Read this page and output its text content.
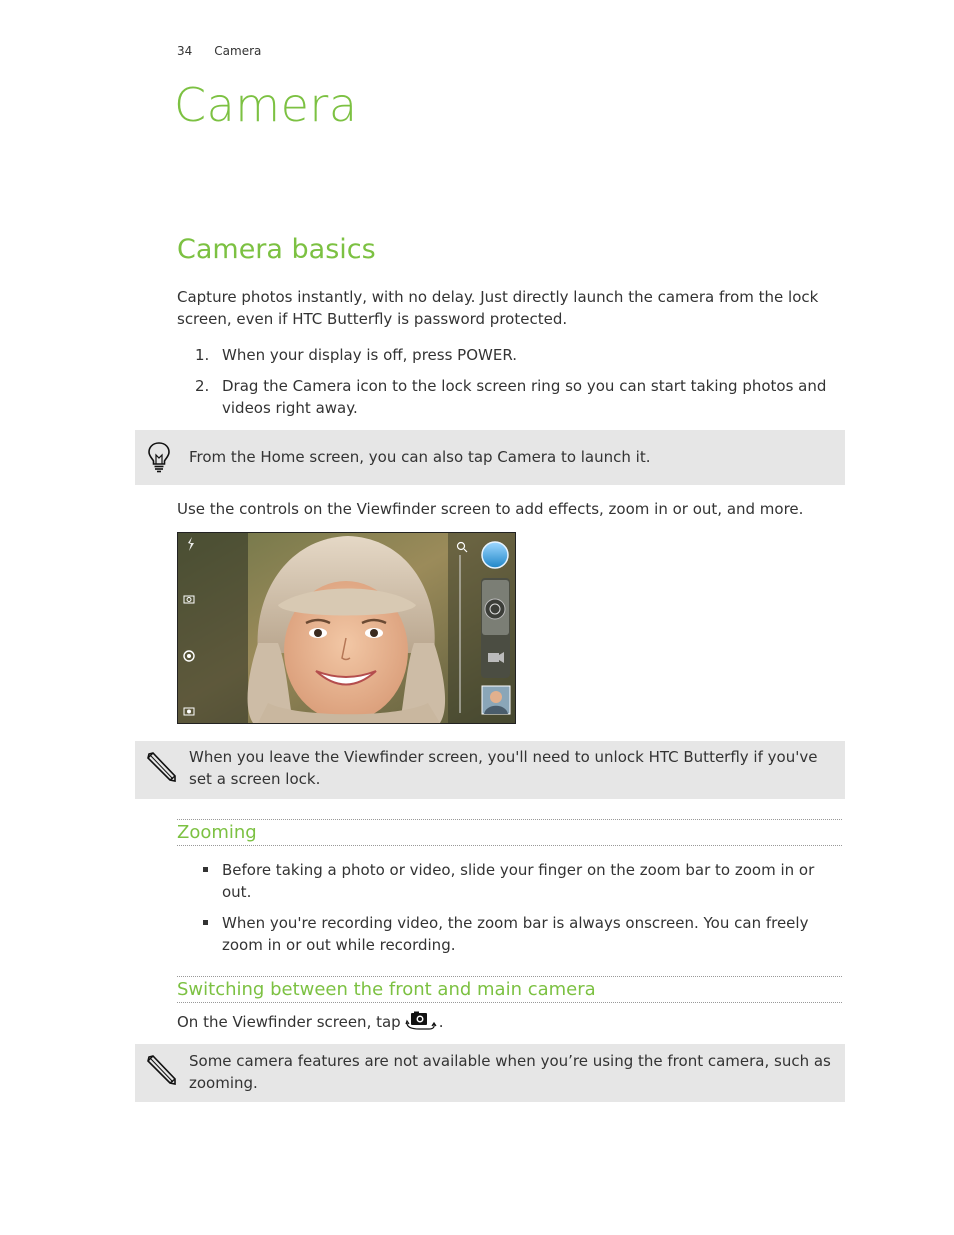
34 Camera
Camera
Camera basics
Capture photos instantly, with no delay. Just directly launch the camera from the lock screen, even if HTC Butterfly is password protected.
1. When your display is off, press POWER.
2. Drag the Camera icon to the lock screen ring so you can start taking photos and videos right away.
From the Home screen, you can also tap Camera to launch it.
Use the controls on the Viewfinder screen to add effects, zoom in or out, and more.
When you leave the Viewfinder screen, you'll need to unlock HTC Butterfly if you've set a screen lock.
Zooming
Before taking a photo or video, slide your finger on the zoom bar to zoom in or out.
When you're recording video, the zoom bar is always onscreen. You can freely zoom in or out while recording.
Switching between the front and main camera
On the Viewfinder screen, tap	.
Some camera features are not available when you’re using the front camera, such as zooming.
